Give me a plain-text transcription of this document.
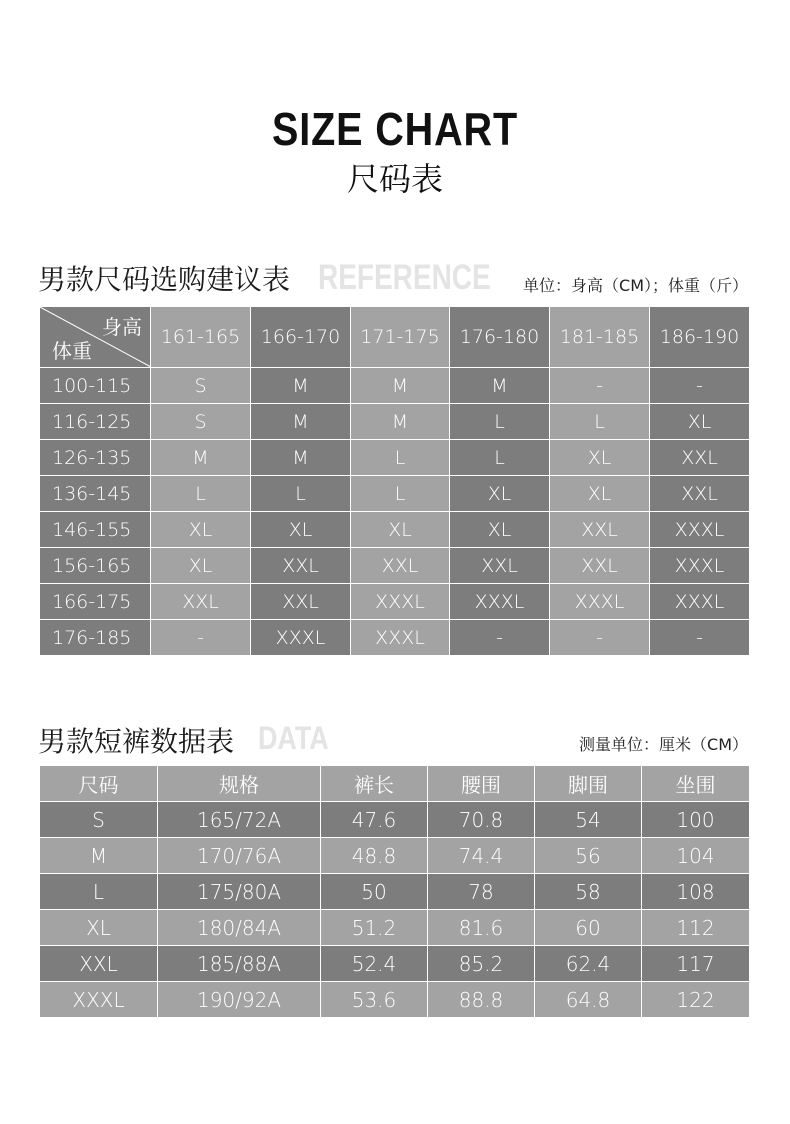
SIZE CHART
尺码表
男款尺码选购建议表 REFERENCE 单位：身高（CM）；体重（斤）
身高
体重	161-165	166-170	171-175	176-180	181-185	186-190
100-115	S	M	M	M	-	-
116-125	S	M	M	L	L	XL
126-135	M	M	L	L	XL	XXL
136-145	L	L	L	XL	XL	XXL
146-155	XL	XL	XL	XL	XXL	XXXL
156-165	XL	XXL	XXL	XXL	XXL	XXXL
166-175	XXL	XXL	XXXL	XXXL	XXXL	XXXL
176-185	-	XXXL	XXXL	-	-	-
男款短裤数据表 DATA	测量单位：厘米（CM）
尺码	规格	裤长	腰围	脚围	坐围
S	165/72A	47.6	70.8	54	100
M	170/76A	48.8	74.4	56	104
L	175/80A	50	78	58	108
XL	180/84A	51.2	81.6	60	112
XXL	185/88A	52.4	85.2	62.4	117
XXXL	190/92A	53.6	88.8	64.8	122
